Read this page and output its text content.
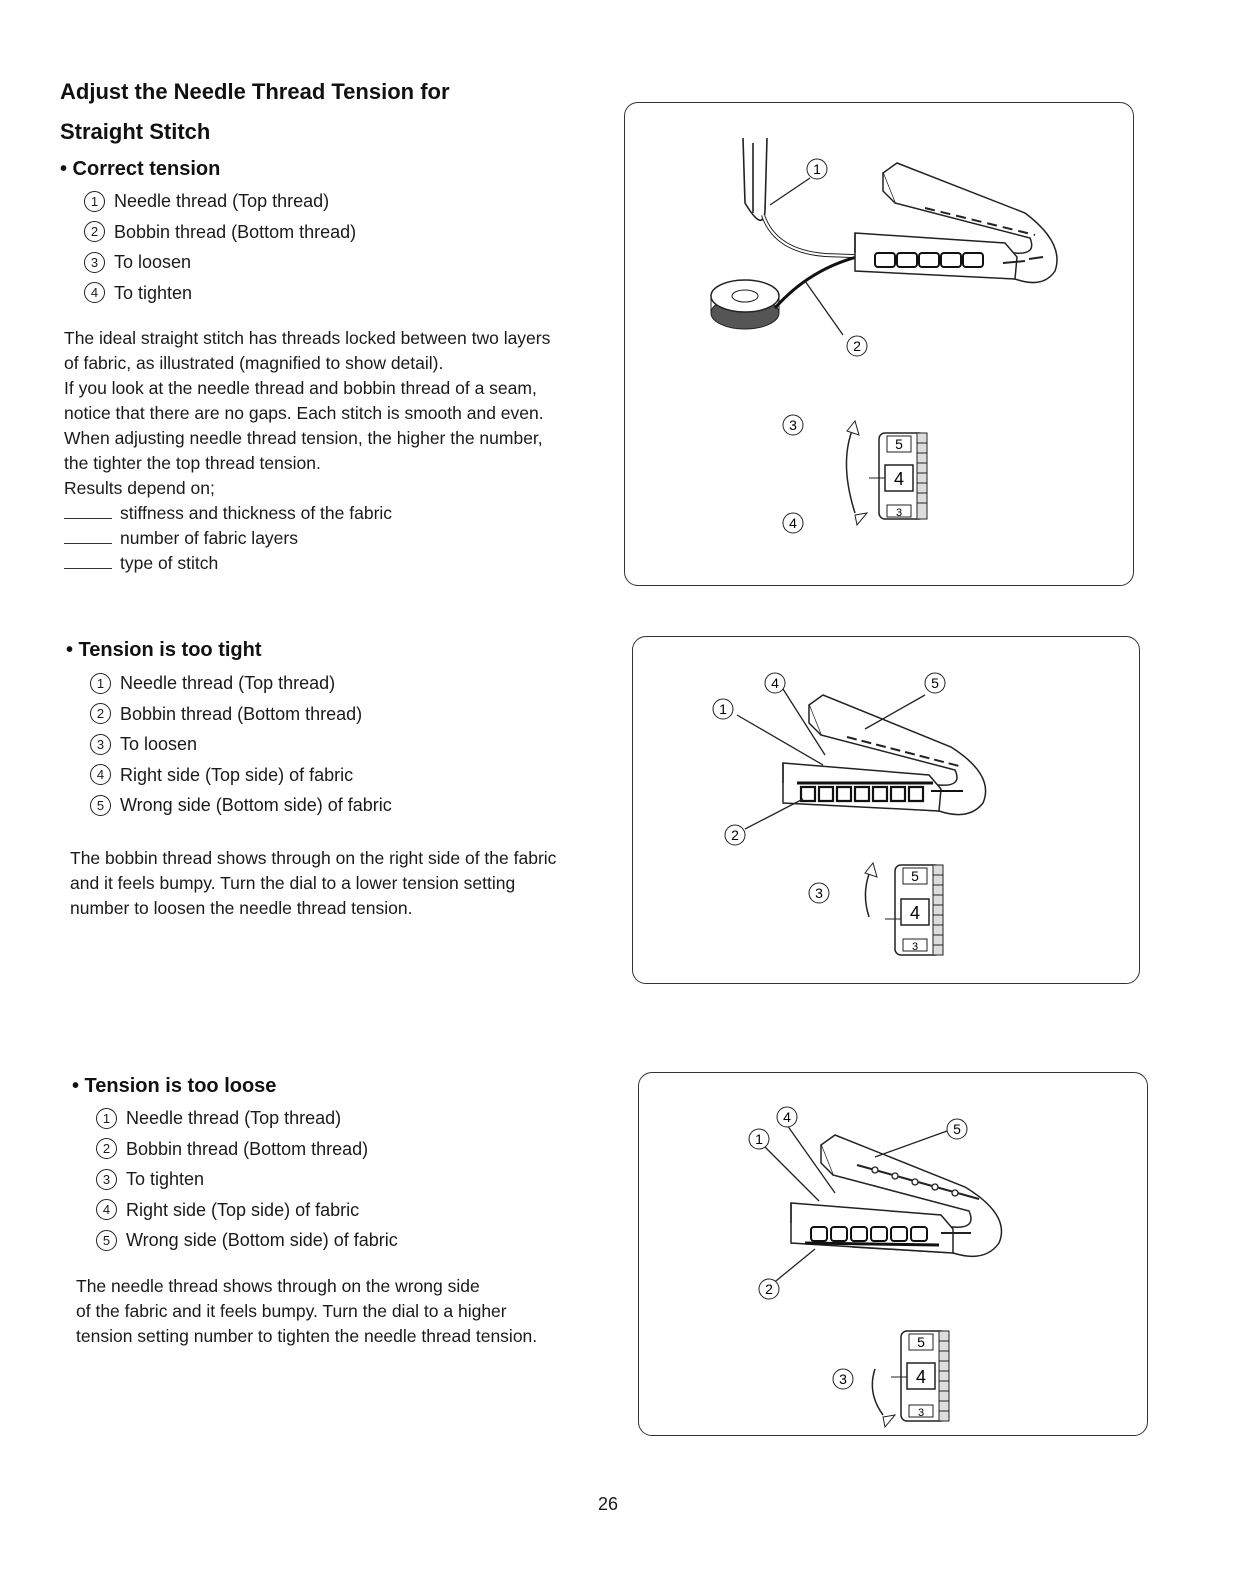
Adjust the Needle Thread Tension for
Straight Stitch
• Correct tension
1 Needle thread (Top thread)
2 Bobbin thread (Bottom thread)
3 To loosen
4 To tighten

The ideal straight stitch has threads locked between two layers

of fabric, as illustrated (magnified to show detail).

If you look at the needle thread and bobbin thread of a seam,

notice that there are no gaps. Each stitch is smooth and even.

When adjusting needle thread tension, the higher the number,

the tighter the top thread tension.

Results depend on;

stiffness and thickness of the fabric

number of fabric layers

type of stitch

1
2
3
4
5
4
3
• Tension is too tight
1 Needle thread (Top thread)
2 Bobbin thread (Bottom thread)
3 To loosen
4 Right side (Top side) of fabric
5 Wrong side (Bottom side) of fabric

The bobbin thread shows through on the right side of the fabric

and it feels bumpy. Turn the dial to a lower tension setting

number to loosen the needle thread tension.

1
4	5
2
3
5
4
3
• Tension is too loose
1 Needle thread (Top thread)
2 Bobbin thread (Bottom thread)
3 To tighten
4 Right side (Top side) of fabric
5 Wrong side (Bottom side) of fabric

The needle thread shows through on the wrong side

of the fabric and it feels bumpy. Turn the dial to a higher

tension setting number to tighten the needle thread tension.

1
4
5
2
3
5
4
3
26
